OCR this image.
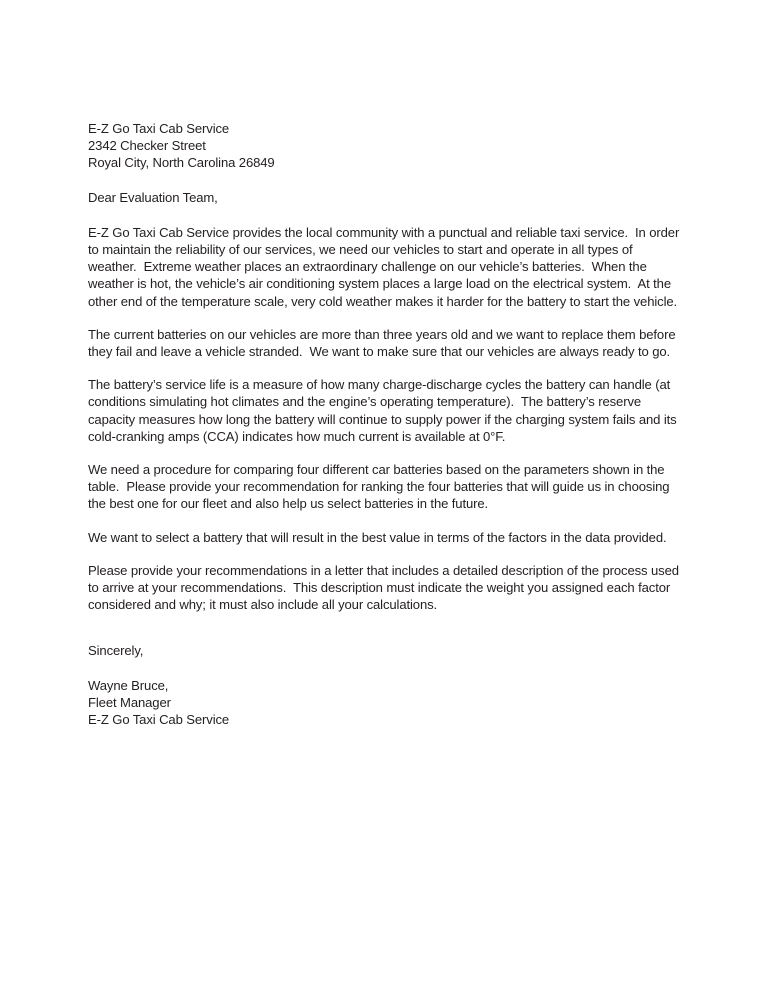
E-Z Go Taxi Cab Service
2342 Checker Street
Royal City, North Carolina 26849
Dear Evaluation Team,

E-Z Go Taxi Cab Service provides the local community with a punctual and reliable taxi service.  In order to maintain the reliability of our services, we need our vehicles to start and operate in all types of weather.  Extreme weather places an extraordinary challenge on our vehicle’s batteries.  When the weather is hot, the vehicle’s air conditioning system places a large load on the electrical system.  At the other end of the temperature scale, very cold weather makes it harder for the battery to start the vehicle.

The current batteries on our vehicles are more than three years old and we want to replace them before they fail and leave a vehicle stranded.  We want to make sure that our vehicles are always ready to go.

The battery’s service life is a measure of how many charge-discharge cycles the battery can handle (at conditions simulating hot climates and the engine’s operating temperature).  The battery’s reserve capacity measures how long the battery will continue to supply power if the charging system fails and its cold-cranking amps (CCA) indicates how much current is available at 0°F.

We need a procedure for comparing four different car batteries based on the parameters shown in the table.  Please provide your recommendation for ranking the four batteries that will guide us in choosing the best one for our fleet and also help us select batteries in the future.

We want to select a battery that will result in the best value in terms of the factors in the data provided.

Please provide your recommendations in a letter that includes a detailed description of the process used to arrive at your recommendations.  This description must indicate the weight you assigned each factor considered and why; it must also include all your calculations.

Sincerely,
Wayne Bruce,
Fleet Manager
E-Z Go Taxi Cab Service
